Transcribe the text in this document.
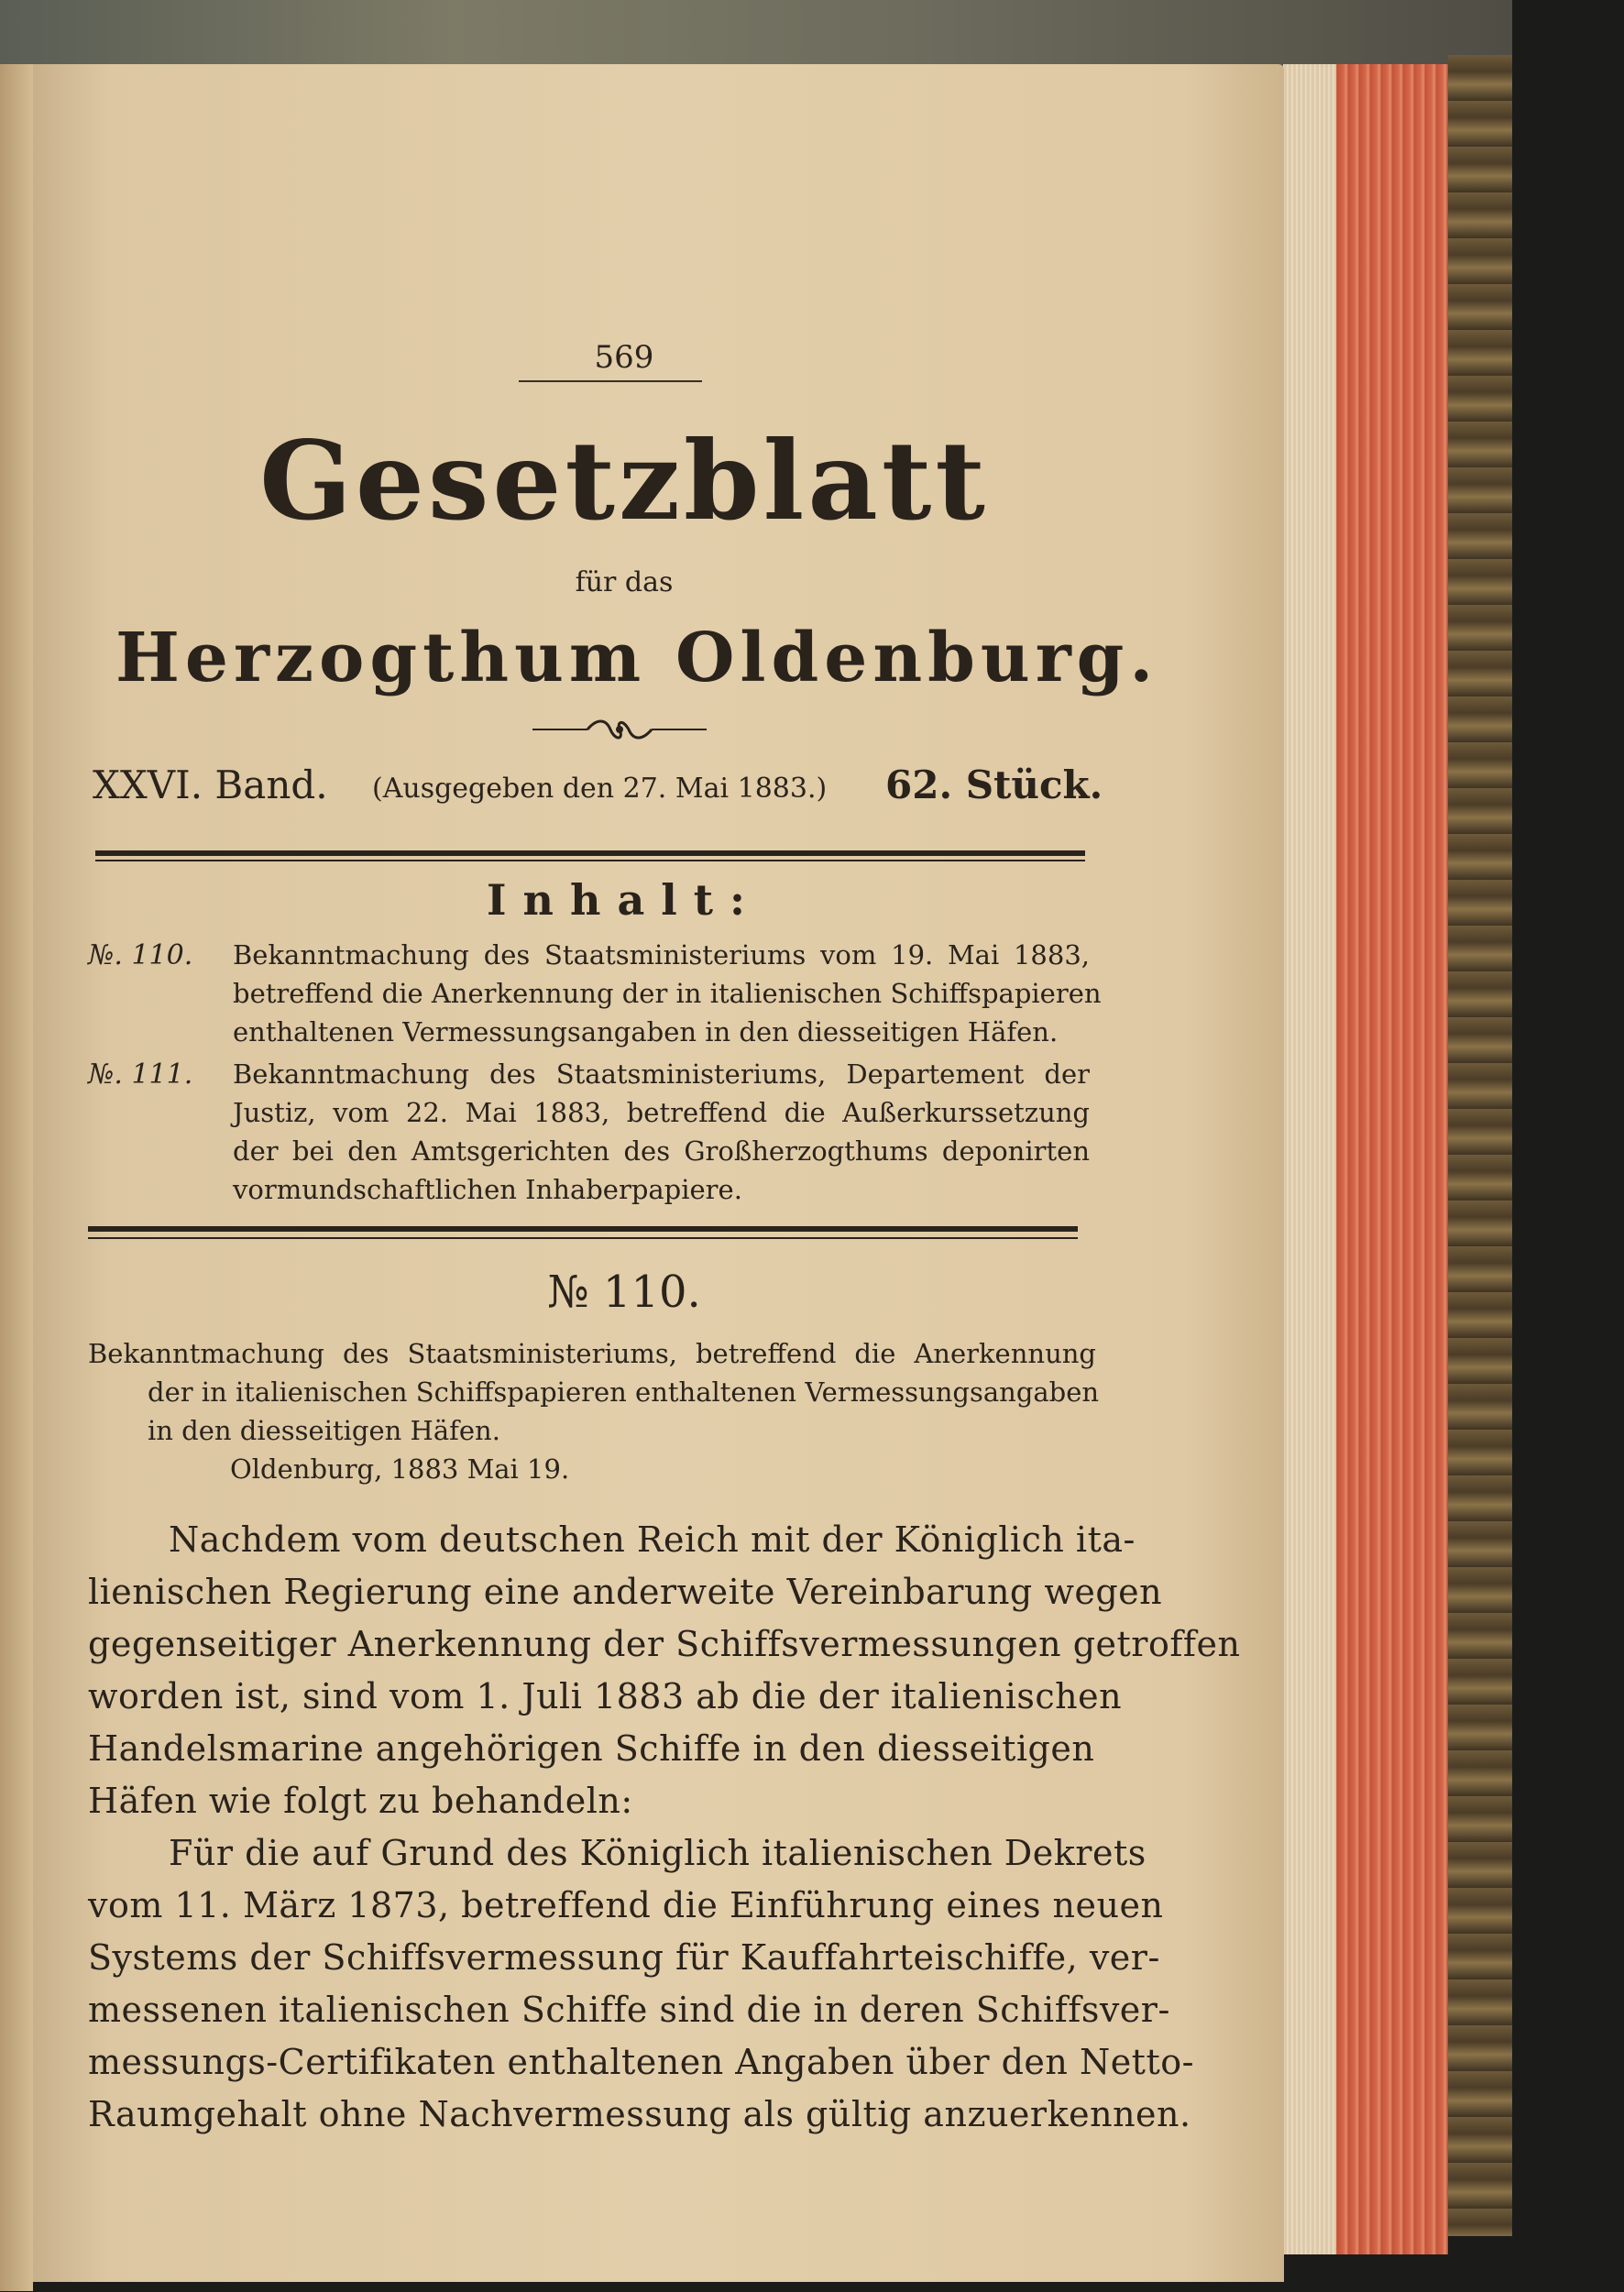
569
Gesetzblatt
für das
Herzogthum Oldenburg.
XXVI. Band. (Ausgegeben den 27. Mai 1883.) 62. Stück.
Inhalt:
№. 110. Bekanntmachung des Staatsministeriums vom 19. Mai 1883,
betreffend die Anerkennung der in italienischen Schiffspapieren
enthaltenen Vermessungsangaben in den diesseitigen Häfen.
№. 111. Bekanntmachung des Staatsministeriums, Departement der
Justiz, vom 22. Mai 1883, betreffend die Außerkurssetzung
der bei den Amtsgerichten des Großherzogthums deponirten
vormundschaftlichen Inhaberpapiere.
№ 110.
Bekanntmachung des Staatsministeriums, betreffend die Anerkennung
der in italienischen Schiffspapieren enthaltenen Vermessungsangaben
in den diesseitigen Häfen.
Oldenburg, 1883 Mai 19.
Nachdem vom deutschen Reich mit der Königlich ita-
lienischen Regierung eine anderweite Vereinbarung wegen
gegenseitiger Anerkennung der Schiffsvermessungen getroffen
worden ist, sind vom 1. Juli 1883 ab die der italienischen
Handelsmarine angehörigen Schiffe in den diesseitigen
Häfen wie folgt zu behandeln:
Für die auf Grund des Königlich italienischen Dekrets
vom 11. März 1873, betreffend die Einführung eines neuen
Systems der Schiffsvermessung für Kauffahrteischiffe, ver-
messenen italienischen Schiffe sind die in deren Schiffsver-
messungs-Certifikaten enthaltenen Angaben über den Netto-
Raumgehalt ohne Nachvermessung als gültig anzuerkennen.
